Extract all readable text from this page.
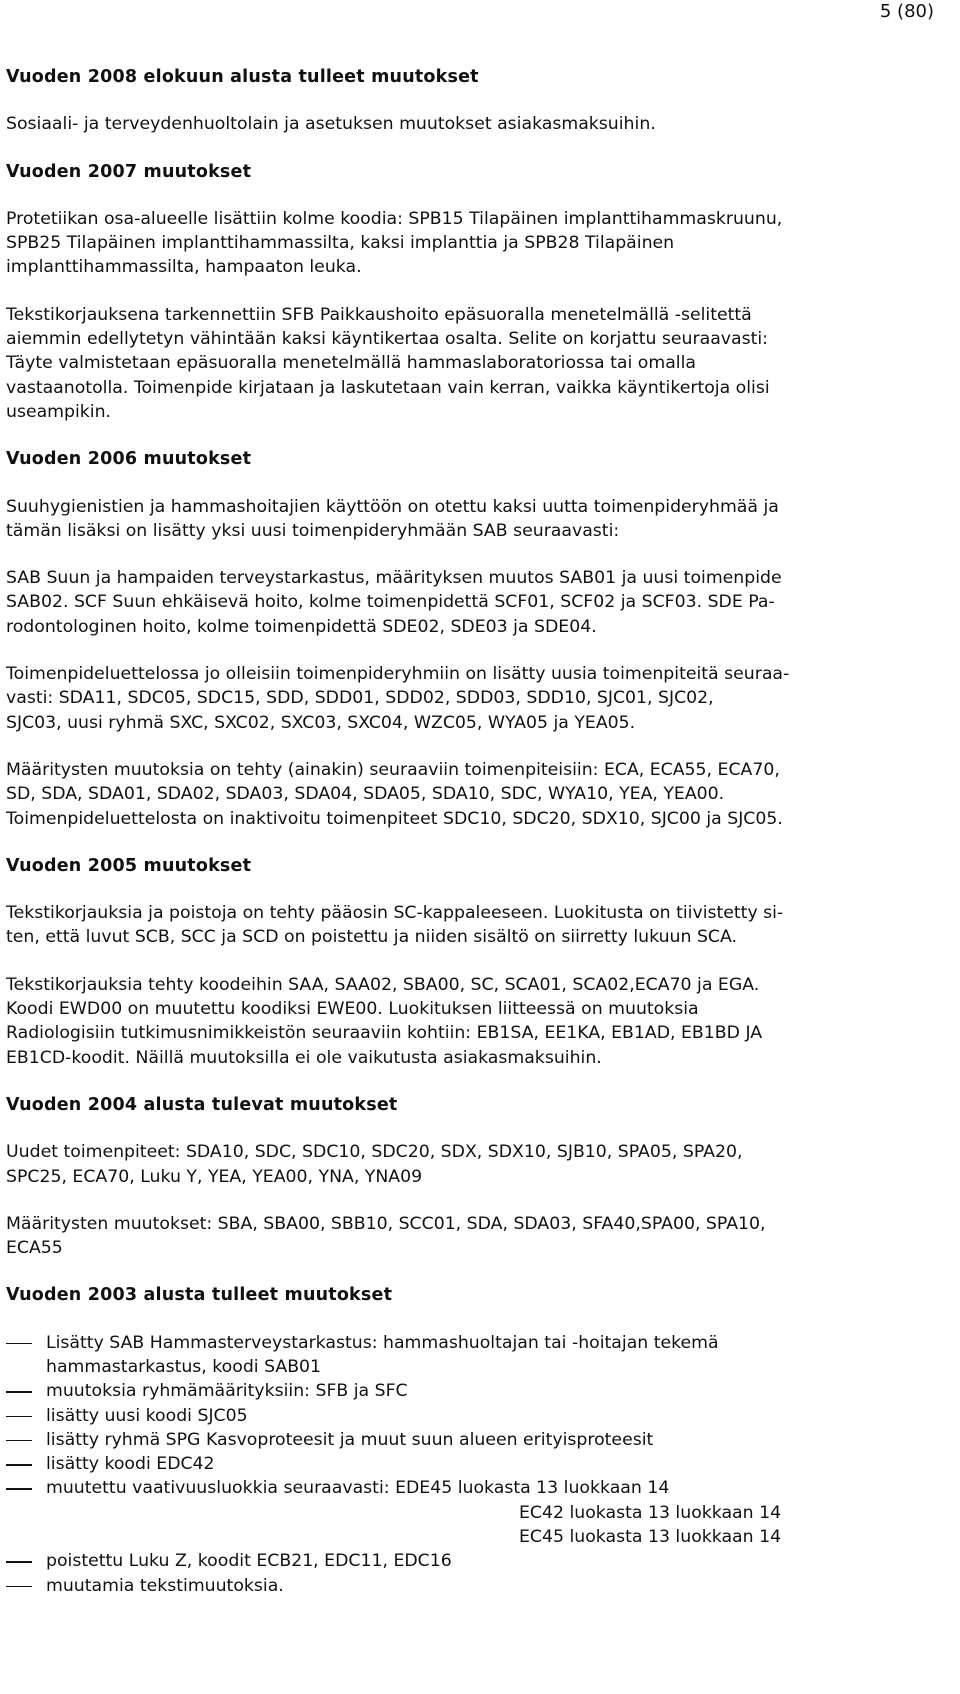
5 (80)
Vuoden 2008 elokuun alusta tulleet muutokset

Sosiaali- ja terveydenhuoltolain ja asetuksen muutokset asiakasmaksuihin.

Vuoden 2007 muutokset

Protetiikan osa-alueelle lisättiin kolme koodia: SPB15 Tilapäinen implanttihammaskruunu,
SPB25 Tilapäinen implanttihammassilta, kaksi implanttia ja SPB28 Tilapäinen
implanttihammassilta, hampaaton leuka.

Tekstikorjauksena tarkennettiin SFB Paikkaushoito epäsuoralla menetelmällä -selitettä
aiemmin edellytetyn vähintään kaksi käyntikertaa osalta. Selite on korjattu seuraavasti:
Täyte valmistetaan epäsuoralla menetelmällä hammaslaboratoriossa tai omalla
vastaanotolla. Toimenpide kirjataan ja laskutetaan vain kerran, vaikka käyntikertoja olisi
useampikin.

Vuoden 2006 muutokset

Suuhygienistien ja hammashoitajien käyttöön on otettu kaksi uutta toimenpideryhmää ja
tämän lisäksi on lisätty yksi uusi toimenpideryhmään SAB seuraavasti:

SAB Suun ja hampaiden terveystarkastus, määrityksen muutos SAB01 ja uusi toimenpide
SAB02. SCF Suun ehkäisevä hoito, kolme toimenpidettä SCF01, SCF02 ja SCF03. SDE Pa-
rodontologinen hoito, kolme toimenpidettä SDE02, SDE03 ja SDE04.

Toimenpideluettelossa jo olleisiin toimenpideryhmiin on lisätty uusia toimenpiteitä seuraa-
vasti: SDA11, SDC05, SDC15, SDD, SDD01, SDD02, SDD03, SDD10, SJC01, SJC02,
SJC03, uusi ryhmä SXC, SXC02, SXC03, SXC04, WZC05, WYA05 ja YEA05.

Määritysten muutoksia on tehty (ainakin) seuraaviin toimenpiteisiin: ECA, ECA55, ECA70,
SD, SDA, SDA01, SDA02, SDA03, SDA04, SDA05, SDA10, SDC, WYA10, YEA, YEA00.
Toimenpideluettelosta on inaktivoitu toimenpiteet SDC10, SDC20, SDX10, SJC00 ja SJC05.

Vuoden 2005 muutokset

Tekstikorjauksia ja poistoja on tehty pääosin SC-kappaleeseen. Luokitusta on tiivistetty si-
ten, että luvut SCB, SCC ja SCD on poistettu ja niiden sisältö on siirretty lukuun SCA.

Tekstikorjauksia tehty koodeihin SAA, SAA02, SBA00, SC, SCA01, SCA02,ECA70 ja EGA.
Koodi EWD00 on muutettu koodiksi EWE00. Luokituksen liitteessä on muutoksia
Radiologisiin tutkimusnimikkeistön seuraaviin kohtiin: EB1SA, EE1KA, EB1AD, EB1BD JA
EB1CD-koodit. Näillä muutoksilla ei ole vaikutusta asiakasmaksuihin.

Vuoden 2004 alusta tulevat muutokset

Uudet toimenpiteet: SDA10, SDC, SDC10, SDC20, SDX, SDX10, SJB10, SPA05, SPA20,
SPC25, ECA70, Luku Y, YEA, YEA00, YNA, YNA09

Määritysten muutokset: SBA, SBA00, SBB10, SCC01, SDA, SDA03, SFA40,SPA00, SPA10,
ECA55

Vuoden 2003 alusta tulleet muutokset
Lisätty SAB Hammasterveystarkastus: hammashuoltajan tai -hoitajan tekemä
hammastarkastus, koodi SAB01
muutoksia ryhmämäärityksiin: SFB ja SFC
lisätty uusi koodi SJC05
lisätty ryhmä SPG Kasvoproteesit ja muut suun alueen erityisproteesit
lisätty koodi EDC42
muutettu vaativuusluokkia seuraavasti: EDE45 luokasta 13 luokkaan 14
EC42 luokasta 13 luokkaan 14
EC45 luokasta 13 luokkaan 14
poistettu Luku Z, koodit ECB21, EDC11, EDC16
muutamia tekstimuutoksia.
